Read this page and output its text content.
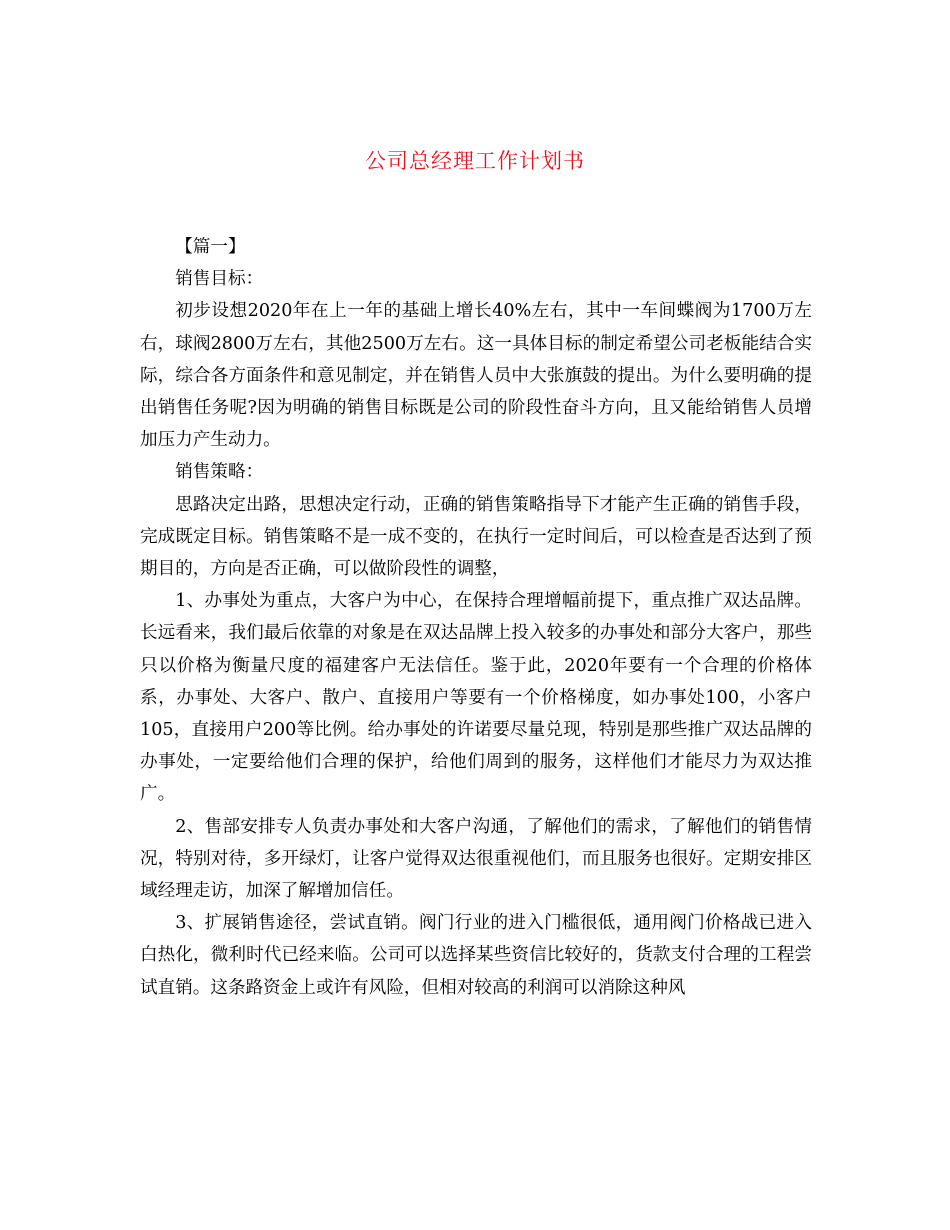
公司总经理工作计划书

【篇一】

销售目标：

初步设想2020年在上一年的基础上增长40%左右，其中一车间蝶阀为1700万左右，球阀2800万左右，其他2500万左右。这一具体目标的制定希望公司老板能结合实际，综合各方面条件和意见制定，并在销售人员中大张旗鼓的提出。为什么要明确的提出销售任务呢?因为明确的销售目标既是公司的阶段性奋斗方向，且又能给销售人员增加压力产生动力。

销售策略：

思路决定出路，思想决定行动，正确的销售策略指导下才能产生正确的销售手段，完成既定目标。销售策略不是一成不变的，在执行一定时间后，可以检查是否达到了预期目的，方向是否正确，可以做阶段性的调整，

1、办事处为重点，大客户为中心，在保持合理增幅前提下，重点推广双达品牌。长远看来，我们最后依靠的对象是在双达品牌上投入较多的办事处和部分大客户，那些只以价格为衡量尺度的福建客户无法信任。鉴于此，2020年要有一个合理的价格体系，办事处、大客户、散户、直接用户等要有一个价格梯度，如办事处100，小客户105，直接用户200等比例。给办事处的许诺要尽量兑现，特别是那些推广双达品牌的办事处，一定要给他们合理的保护，给他们周到的服务，这样他们才能尽力为双达推广。

2、售部安排专人负责办事处和大客户沟通，了解他们的需求，了解他们的销售情况，特别对待，多开绿灯，让客户觉得双达很重视他们，而且服务也很好。定期安排区域经理走访，加深了解增加信任。

3、扩展销售途径，尝试直销。阀门行业的进入门槛很低，通用阀门价格战已进入白热化，微利时代已经来临。公司可以选择某些资信比较好的，货款支付合理的工程尝试直销。这条路资金上或许有风险，但相对较高的利润可以消除这种风
